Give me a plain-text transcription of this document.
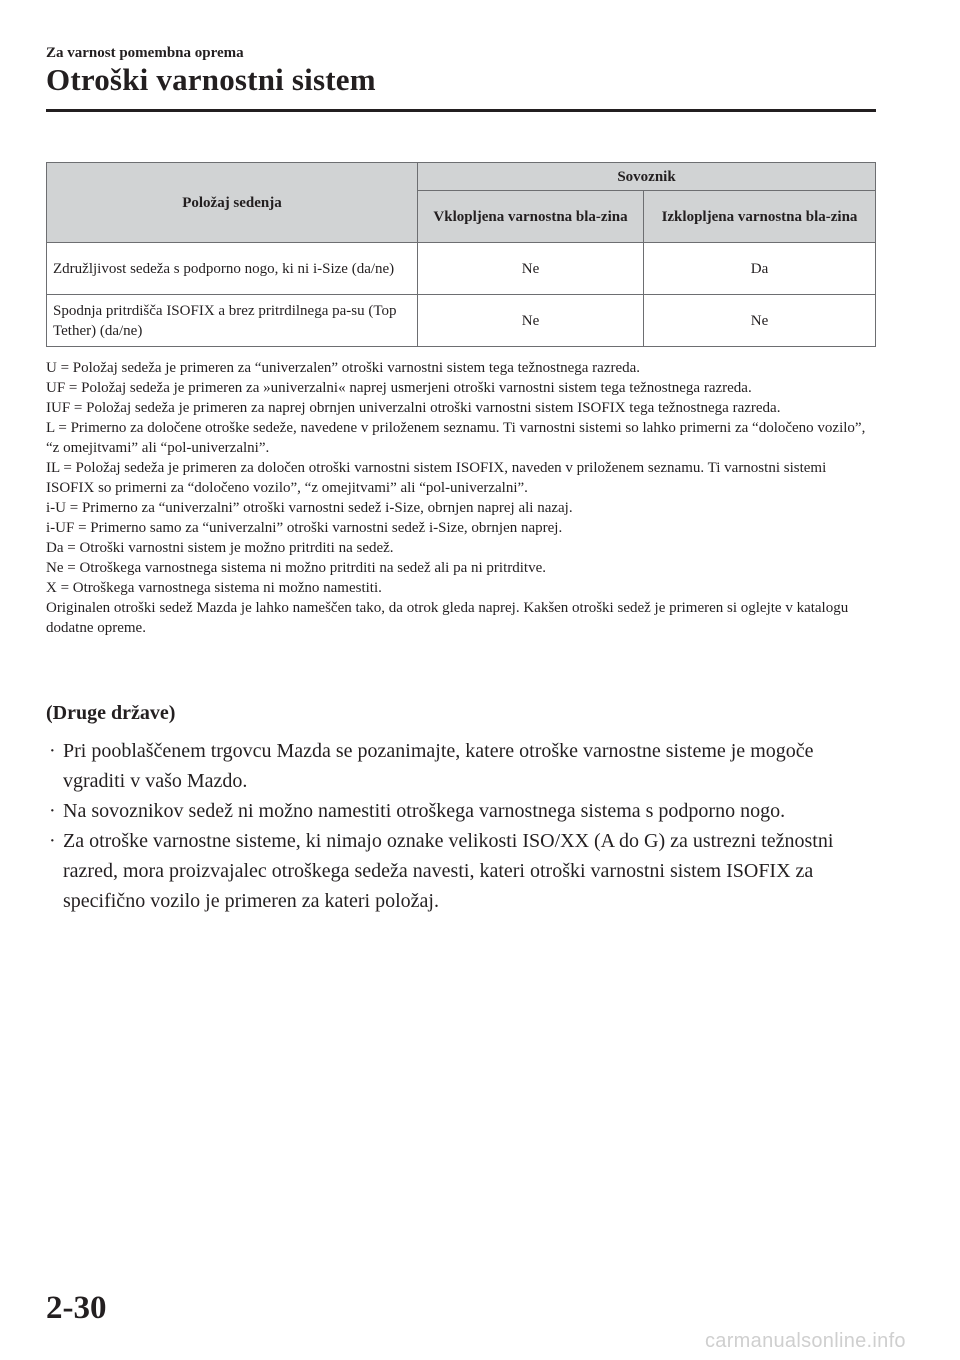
Za varnost pomembna oprema
Otroški varnostni sistem
Položaj sedenja	Sovoznik	
	Vklopljena varnostna bla-zina	Izklopljena varnostna bla-zina
Združljivost sedeža s podporno nogo, ki ni i-Size (da/ne)	Ne	Da
Spodnja pritrdišča ISOFIX a brez pritrdilnega pa-su (Top Tether) (da/ne)	Ne	Ne

U = Položaj sedeža je primeren za “univerzalen” otroški varnostni sistem tega težnostnega razreda.

UF = Položaj sedeža je primeren za »univerzalni« naprej usmerjeni otroški varnostni sistem tega težnostnega razreda.

IUF = Položaj sedeža je primeren za naprej obrnjen univerzalni otroški varnostni sistem ISOFIX tega težnostnega razreda.

L = Primerno za določene otroške sedeže, navedene v priloženem seznamu. Ti varnostni sistemi so lahko primerni za “določeno vozilo”, “z omejitvami” ali “pol-univerzalni”.

IL = Položaj sedeža je primeren za določen otroški varnostni sistem ISOFIX, naveden v priloženem seznamu. Ti varnostni sistemi ISOFIX so primerni za “določeno vozilo”, “z omejitvami” ali “pol-univerzalni”.

i-U = Primerno za “univerzalni” otroški varnostni sedež i-Size, obrnjen naprej ali nazaj.

i-UF = Primerno samo za “univerzalni” otroški varnostni sedež i-Size, obrnjen naprej.

Da = Otroški varnostni sistem je možno pritrditi na sedež.

Ne = Otroškega varnostnega sistema ni možno pritrditi na sedež ali pa ni pritrditve.

X = Otroškega varnostnega sistema ni možno namestiti.

Originalen otroški sedež Mazda je lahko nameščen tako, da otrok gleda naprej. Kakšen otroški sedež je primeren si oglejte v katalogu dodatne opreme.

(Druge države)
· Pri pooblaščenem trgovcu Mazda se pozanimajte, katere otroške varnostne sisteme je mogoče vgraditi v vašo Mazdo.
· Na sovoznikov sedež ni možno namestiti otroškega varnostnega sistema s podporno nogo.
· Za otroške varnostne sisteme, ki nimajo oznake velikosti ISO/XX (A do G) za ustrezni težnostni razred, mora proizvajalec otroškega sedeža navesti, kateri otroški varnostni sistem ISOFIX za specifično vozilo je primeren za kateri položaj.
2-30
carmanualsonline.info
